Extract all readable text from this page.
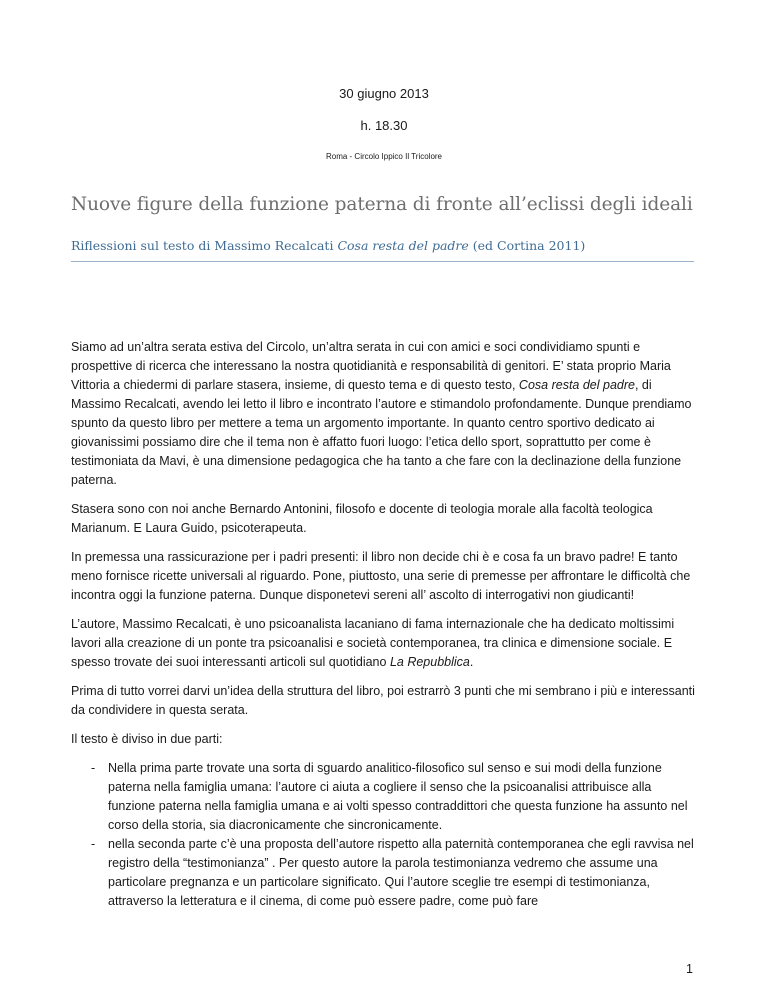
30 giugno 2013
h. 18.30
Roma - Circolo Ippico Il Tricolore
Nuove figure della funzione paterna di fronte all’eclissi degli ideali
Riflessioni sul testo di Massimo Recalcati Cosa resta del padre (ed Cortina 2011)

Siamo ad un’altra serata estiva del Circolo, un’altra serata in cui con amici e soci condividiamo spunti e prospettive di ricerca che interessano la nostra quotidianità e responsabilità di genitori. E’ stata proprio Maria Vittoria a chiedermi di parlare stasera, insieme, di questo tema e di questo testo, Cosa resta del padre, di Massimo Recalcati, avendo lei letto il libro e incontrato l’autore e stimandolo profondamente. Dunque prendiamo spunto da questo libro per mettere a tema un argomento importante. In quanto centro sportivo dedicato ai giovanissimi possiamo dire che il tema non è affatto fuori luogo: l’etica dello sport, soprattutto per come è testimoniata da Mavi, è una dimensione pedagogica che ha tanto a che fare con la declinazione della funzione paterna.

Stasera sono con noi anche Bernardo Antonini, filosofo e docente di teologia morale alla facoltà teologica Marianum. E Laura Guido, psicoterapeuta.

In premessa una rassicurazione per i padri presenti: il libro non decide chi è e cosa fa un bravo padre! E tanto meno fornisce ricette universali al riguardo. Pone, piuttosto, una serie di premesse per affrontare le difficoltà che incontra oggi la funzione paterna. Dunque disponetevi sereni all’ ascolto di interrogativi non giudicanti!

L’autore, Massimo Recalcati, è uno psicoanalista lacaniano di fama internazionale che ha dedicato moltissimi lavori alla creazione di un ponte tra psicoanalisi e società contemporanea, tra clinica e dimensione sociale. E spesso trovate dei suoi interessanti articoli sul quotidiano La Repubblica.

Prima di tutto vorrei darvi un’idea della struttura del libro, poi estrarrò 3 punti che mi sembrano i più e interessanti da condividere in questa serata.

Il testo è diviso in due parti:

- Nella prima parte trovate una sorta di sguardo analitico-filosofico sul senso e sui modi della funzione paterna nella famiglia umana: l’autore ci aiuta a cogliere il senso che la psicoanalisi attribuisce alla funzione paterna nella famiglia umana e ai volti spesso contraddittori che questa funzione ha assunto nel corso della storia, sia diacronicamente che sincronicamente.
- nella seconda parte c’è una proposta dell’autore rispetto alla paternità contemporanea che egli ravvisa nel registro della “testimonianza” . Per questo autore la parola testimonianza vedremo che assume una particolare pregnanza e un particolare significato. Qui l’autore sceglie tre esempi di testimonianza, attraverso la letteratura e il cinema, di come può essere padre, come può fare
1
